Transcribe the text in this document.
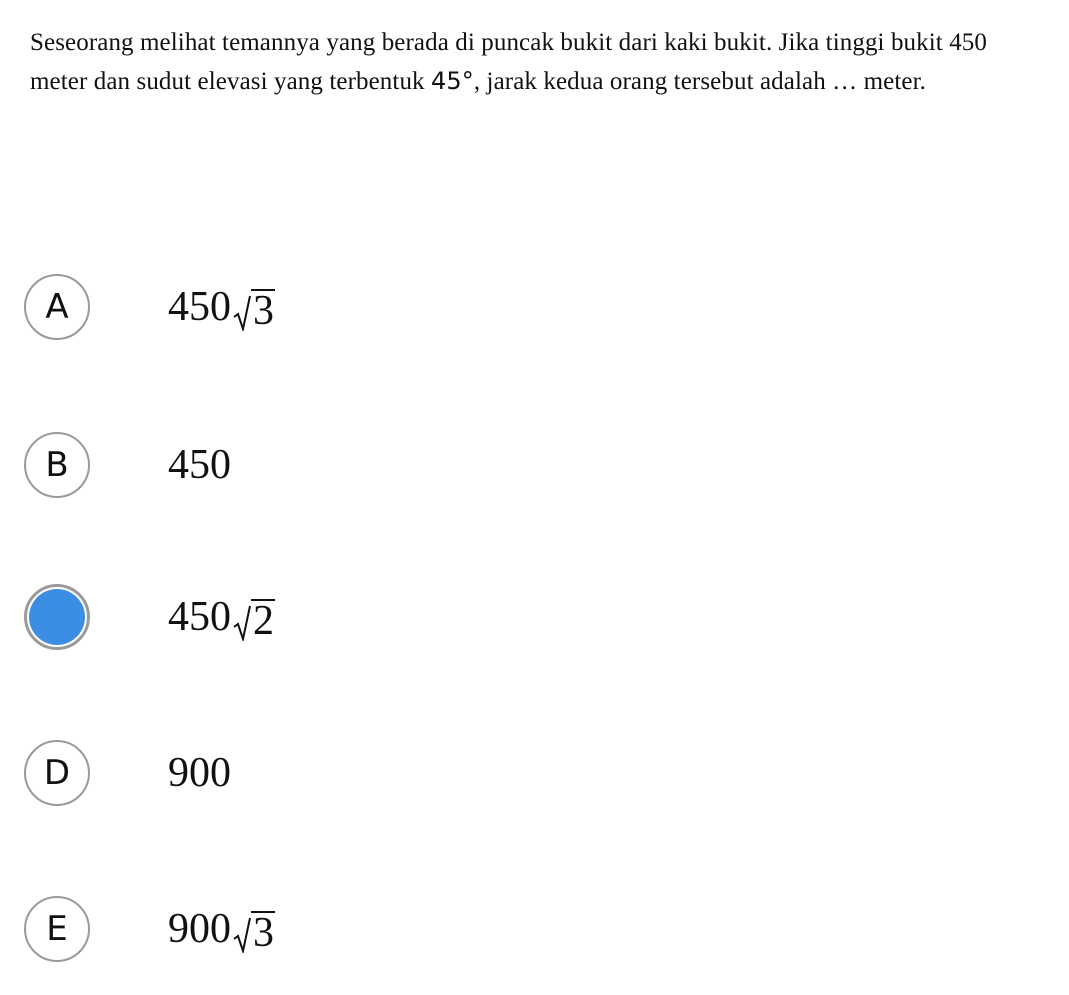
Seseorang melihat temannya yang berada di puncak bukit dari kaki bukit. Jika tinggi bukit 450 meter dan sudut elevasi yang terbentuk 45°, jarak kedua orang tersebut adalah … meter.
A 450 3
B 450
450 2
D 900
E 900 3
